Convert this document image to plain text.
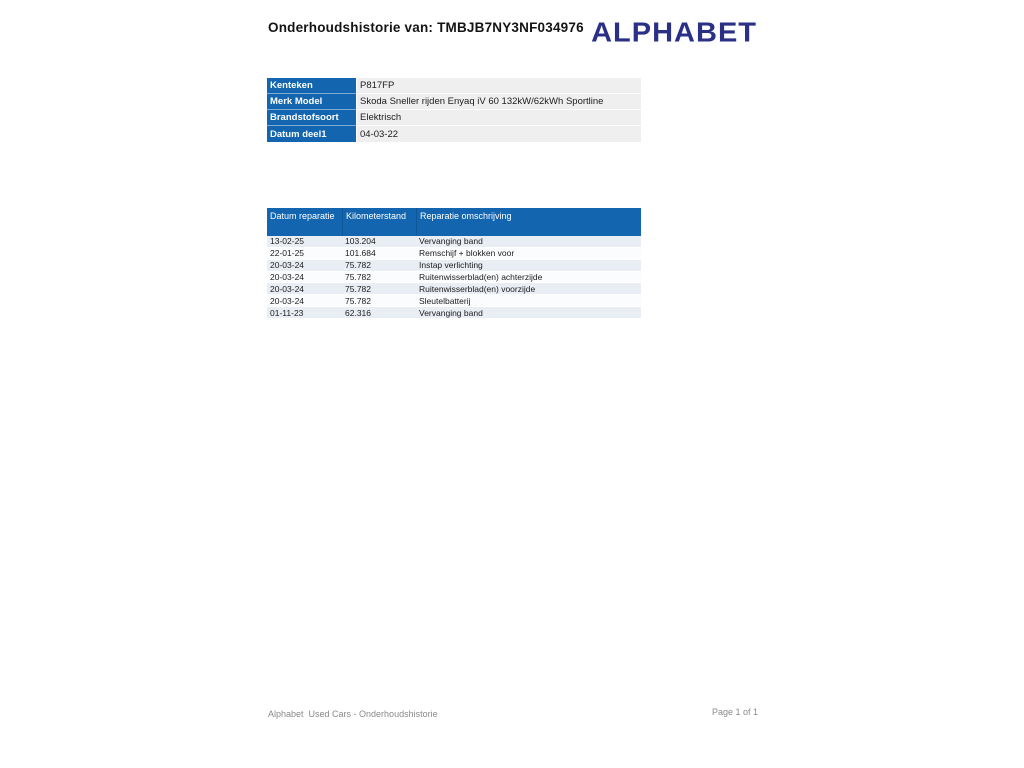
Onderhoudshistorie van: TMBJB7NY3NF034976 ALPHABET
Kenteken	P817FP
Merk Model	Skoda Sneller rijden Enyaq iV 60 132kW/62kWh Sportline
Brandstofsoort	Elektrisch
Datum deel1	04-03-22
Datum reparatie	Kilometerstand	Reparatie omschrijving
13-02-25	103.204	Vervanging band
22-01-25	101.684	Remschijf + blokken voor
20-03-24	75.782	Instap verlichting
20-03-24	75.782	Ruitenwisserblad(en) achterzijde
20-03-24	75.782	Ruitenwisserblad(en) voorzijde
20-03-24	75.782	Sleutelbatterij
01-11-23	62.316	Vervanging band
Alphabet  Used Cars - Onderhoudshistorie	Page 1 of 1
